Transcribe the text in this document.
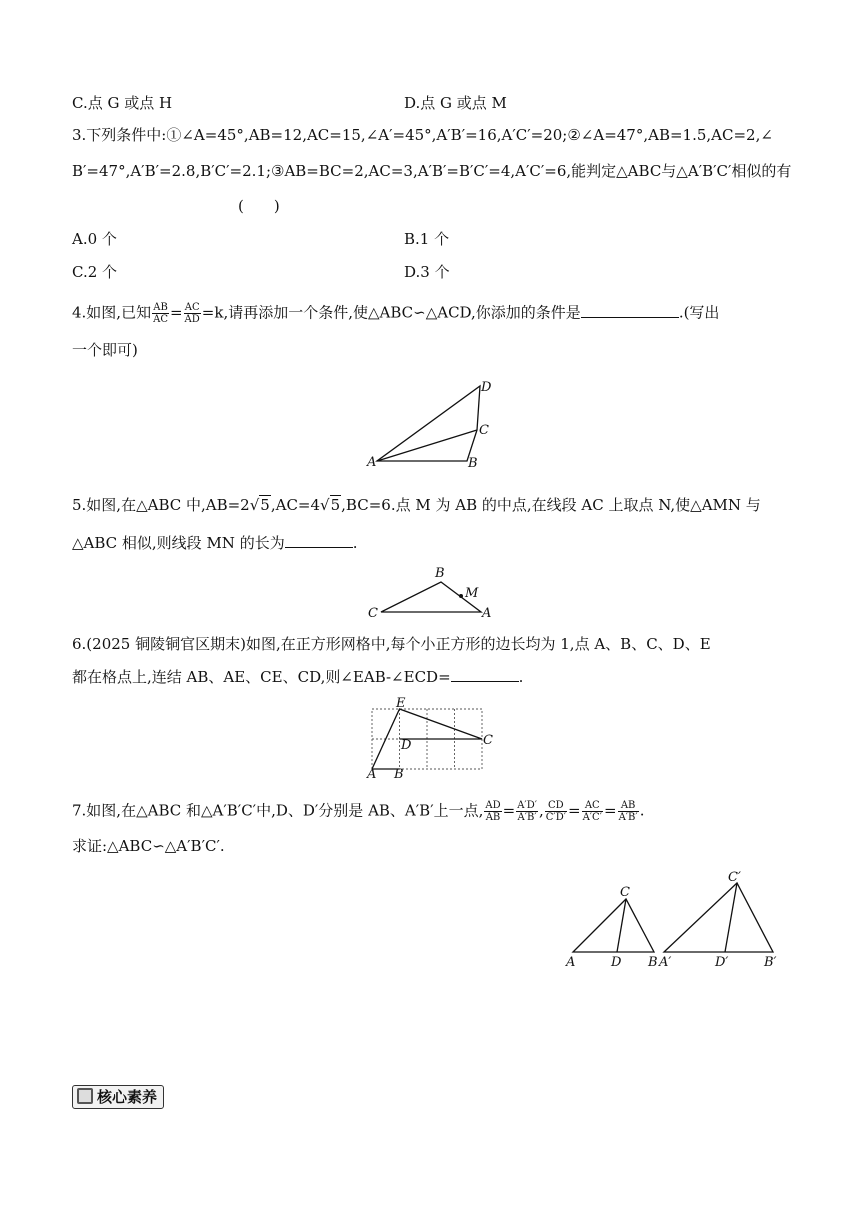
C.点 G 或点 H	D.点 G 或点 M
3.下列条件中:①∠A=45°,AB=12,AC=15,∠A′=45°,A′B′=16,A′C′=20;②∠A=47°,AB=1.5,AC=2,∠
B′=47°,A′B′=2.8,B′C′=2.1;③AB=BC=2,AC=3,A′B′=B′C′=4,A′C′=6,能判定△ABC与△A′B′C′相似的有
(　　)
A.0 个	B.1 个
C.2 个	D.3 个
4.如图,已知 $\frac{AB}{AC} = \frac{AC}{AD} =k$,请再添加一个条件,使△ABC∽△ACD,你添加的条件是	.(写出
一个即可)
A	B
C
D
5.如图,在△ABC 中,AB=2√5,AC=4√5,BC=6.点 M 为 AB 的中点,在线段 AC 上取点 N,使△AMN 与
△ABC 相似,则线段 MN 的长为	.
C
B
A
M
6.(2025 铜陵铜官区期末)如图,在正方形网格中,每个小正方形的边长均为 1,点 A、B、C、D、E
都在格点上,连结 AB、AE、CE、CD,则∠EAB-∠ECD=	.
A B
C
D
E
7.如图,在△ABC 和△A′B′C′中,D、D′分别是 AB、A′B′上一点, $\frac{AD}{AB} = \frac{A'D'}{A'B'}$ , $\frac{CD}{C'D'} = \frac{AC}{A'C'} = \frac{AB}{A'B'}$ .
求证:△ABC∽△A′B′C′.
A	D B
C
A′	D′	B′
C′
核心素养
